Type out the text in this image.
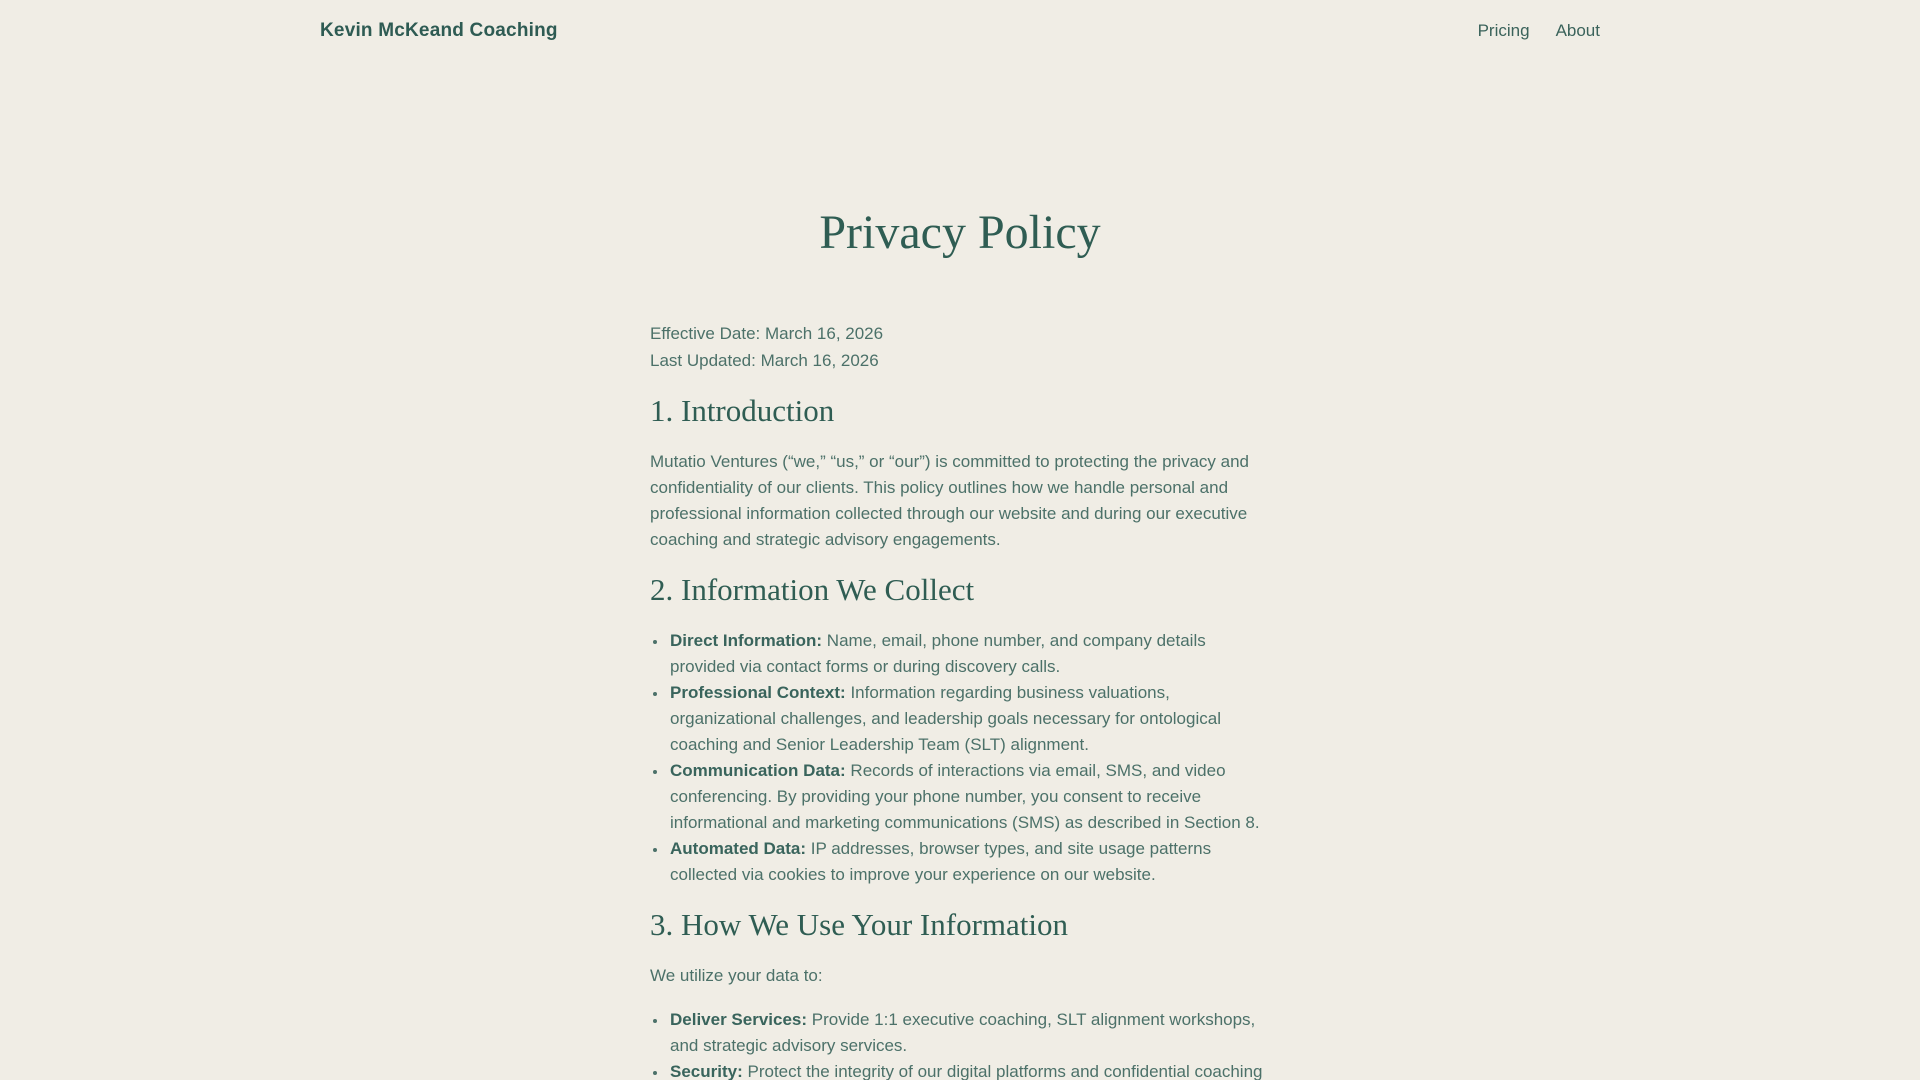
Kevin McKeand Coaching	Pricing About
Privacy Policy
Effective Date: March 16, 2026
Last Updated: March 16, 2026
1. Introduction

Mutatio Ventures (“we,” “us,” or “our”) is committed to protecting the privacy and confidentiality of our clients. This policy outlines how we handle personal and professional information collected through our website and during our executive coaching and strategic advisory engagements.

2. Information We Collect
• Direct Information: Name, email, phone number, and company details provided via contact forms or during discovery calls.
• Professional Context: Information regarding business valuations, organizational challenges, and leadership goals necessary for ontological coaching and Senior Leadership Team (SLT) alignment.
• Communication Data: Records of interactions via email, SMS, and video conferencing. By providing your phone number, you consent to receive informational and marketing communications (SMS) as described in Section 8.
• Automated Data: IP addresses, browser types, and site usage patterns collected via cookies to improve your experience on our website.
3. How We Use Your Information

We utilize your data to:

• Deliver Services: Provide 1:1 executive coaching, SLT alignment workshops, and strategic advisory services.
• Security: Protect the integrity of our digital platforms and confidential coaching
